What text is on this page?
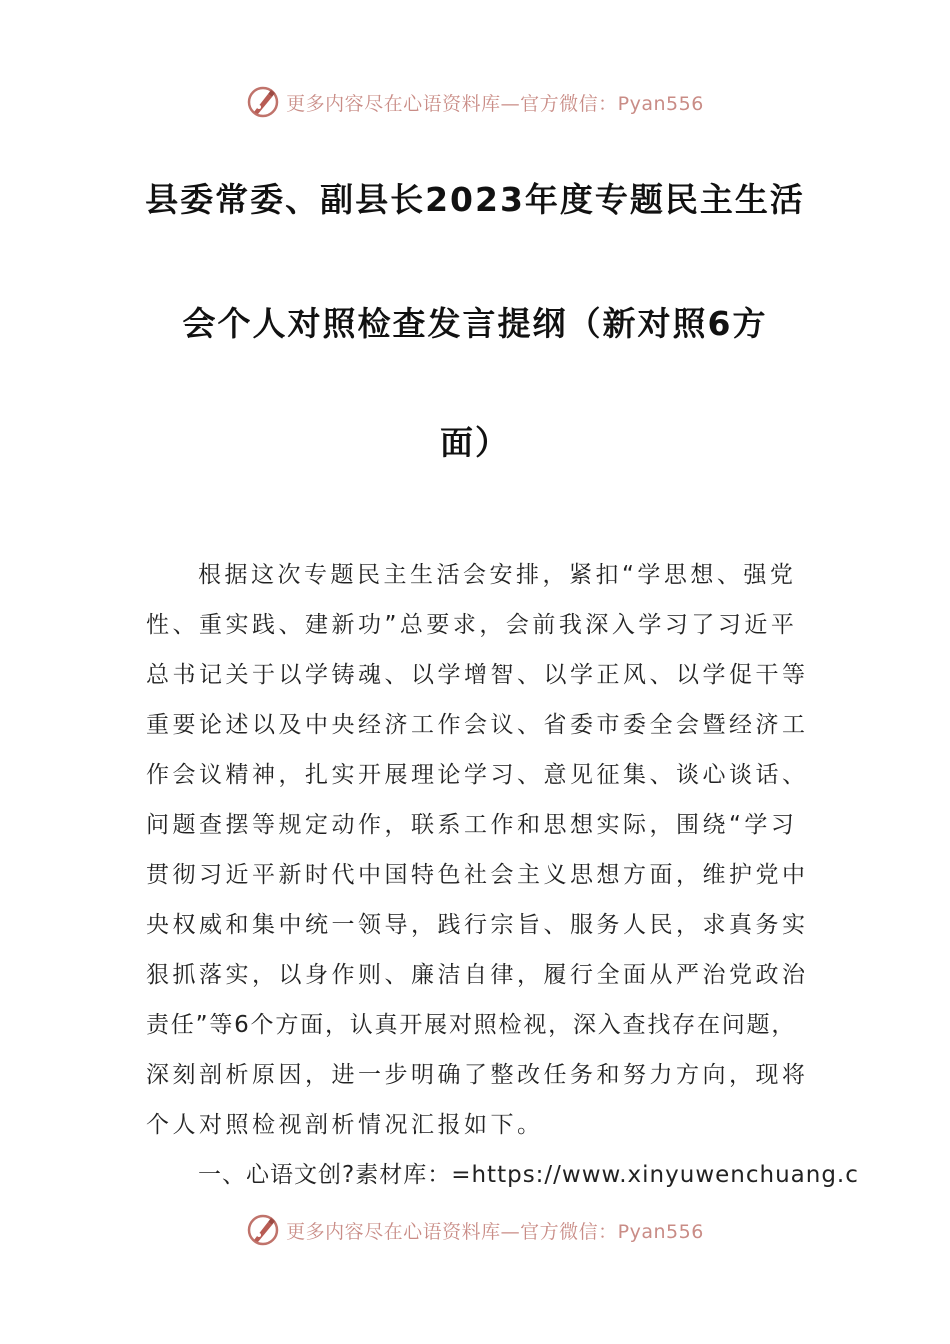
更多内容尽在心语资料库—官方微信：Pyan556
县委常委、副县长2023年度专题民主生活
会个人对照检查发言提纲（新对照6方
面）
根据这次专题民主生活会安排，紧扣“学思想、强党
性、重实践、建新功”总要求，会前我深入学习了习近平
总书记关于以学铸魂、以学增智、以学正风、以学促干等
重要论述以及中央经济工作会议、省委市委全会暨经济工
作会议精神，扎实开展理论学习、意见征集、谈心谈话、
问题查摆等规定动作，联系工作和思想实际，围绕“学习
贯彻习近平新时代中国特色社会主义思想方面，维护党中
央权威和集中统一领导，践行宗旨、服务人民，求真务实
狠抓落实，以身作则、廉洁自律，履行全面从严治党政治
责任”等6个方面，认真开展对照检视，深入查找存在问题，
深刻剖析原因，进一步明确了整改任务和努力方向，现将
个人对照检视剖析情况汇报如下。
一、心语文创?素材库：=https://www.xinyuwenchuang.c
更多内容尽在心语资料库—官方微信：Pyan556
